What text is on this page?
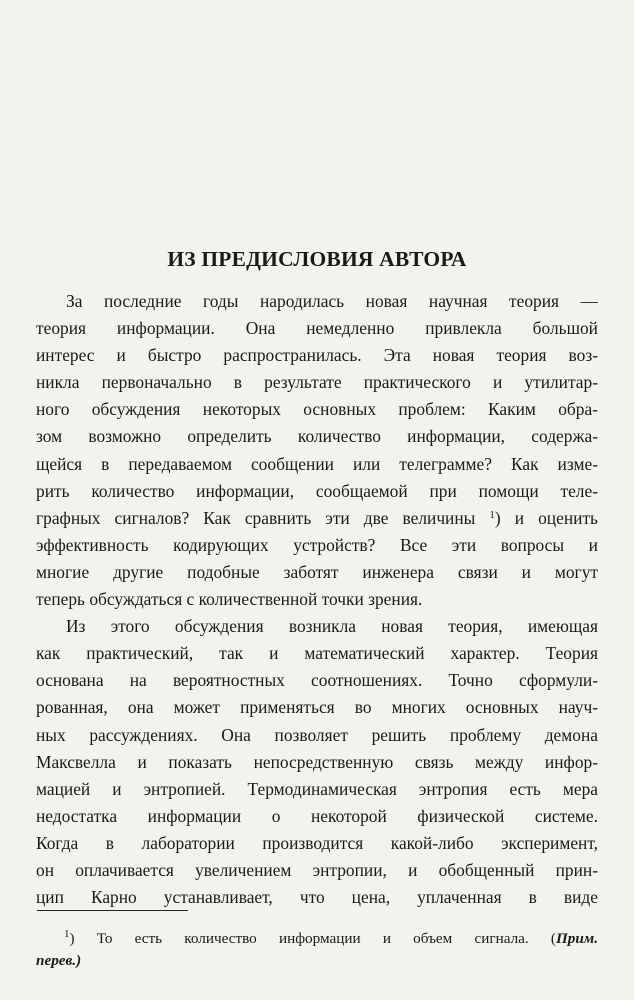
ИЗ ПРЕДИСЛОВИЯ АВТОРА
За последние годы народилась новая научная теория —
теория информации. Она немедленно привлекла большой
интерес и быстро распространилась. Эта новая теория воз-
никла первоначально в результате практического и утилитар-
ного обсуждения некоторых основных проблем: Каким обра-
зом возможно определить количество информации, содержа-
щейся в передаваемом сообщении или телеграмме? Как изме-
рить количество информации, сообщаемой при помощи теле-
графных сигналов? Как сравнить эти две величины $^1$) и оценить
эффективность кодирующих устройств? Все эти вопросы и
многие другие подобные заботят инженера связи и могут
теперь обсуждаться с количественной точки зрения.
Из этого обсуждения возникла новая теория, имеющая
как практический, так и математический характер. Теория
основана на вероятностных соотношениях. Точно сформули-
рованная, она может применяться во многих основных науч-
ных рассуждениях. Она позволяет решить проблему демона
Максвелла и показать непосредственную связь между инфор-
мацией и энтропией. Термодинамическая энтропия есть мера
недостатка информации о некоторой физической системе.
Когда в лаборатории производится какой-либо эксперимент,
он оплачивается увеличением энтропии, и обобщенный прин-
цип Карно устанавливает, что цена, уплаченная в виде
$^1$) То есть количество информации и объем сигнала. (Прим.
перев.)
